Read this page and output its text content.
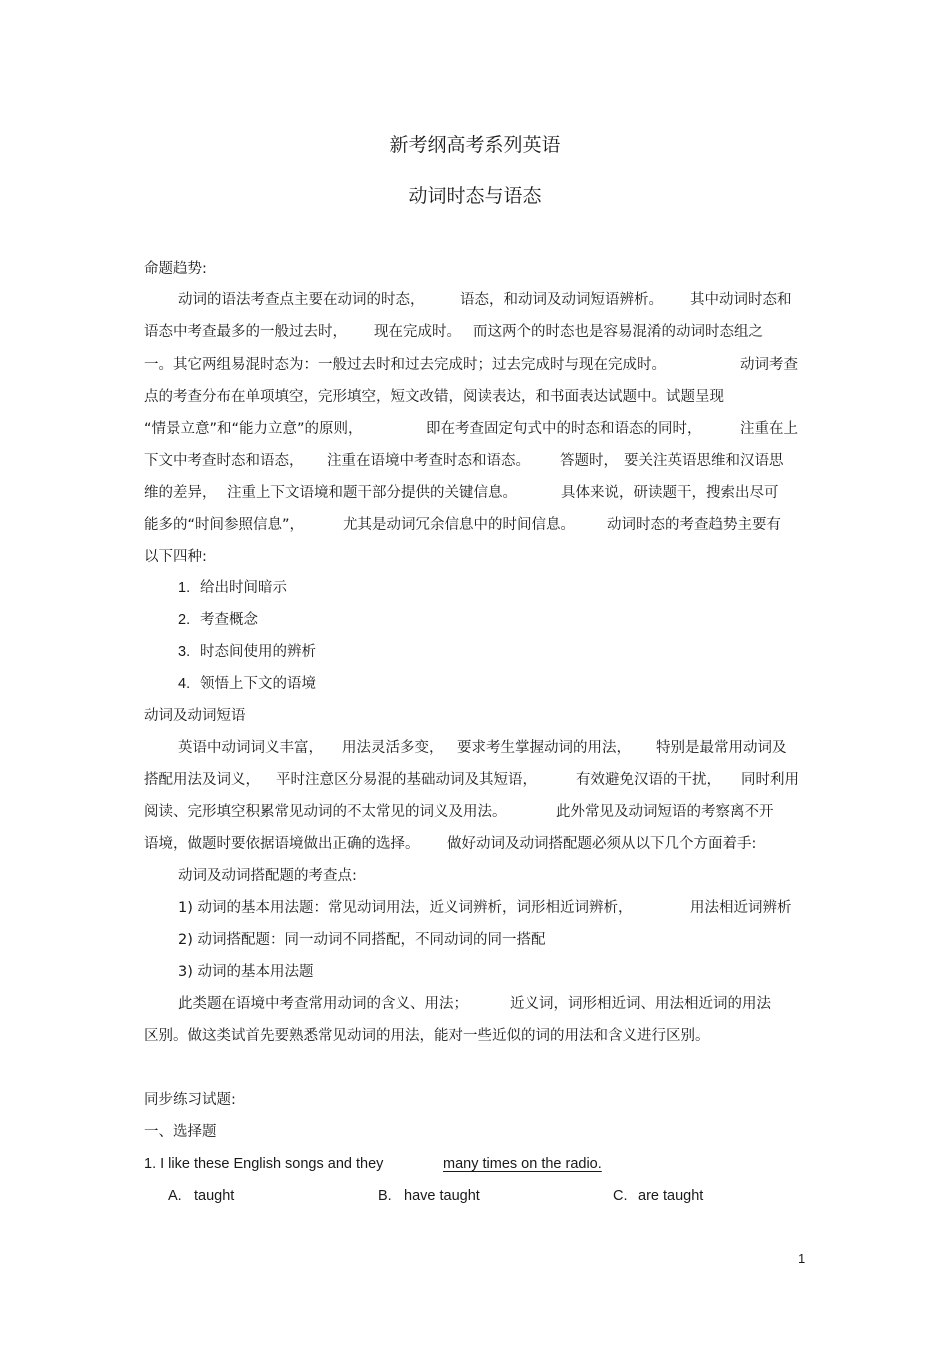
新考纲高考系列英语
动词时态与语态
命题趋势:
动词的语法考查点主要在动词的时态， 语态，和动词及动词短语辨析。 其中动词时态和
语态中考查最多的一般过去时， 现在完成时。 而这两个的时态也是容易混淆的动词时态组之
一。其它两组易混时态为：一般过去时和过去完成时；过去完成时与现在完成时。	动词考查
点的考查分布在单项填空，完形填空，短文改错，阅读表达，和书面表达试题中。试题呈现
“情景立意”和“能力立意”的原则，	即在考查固定句式中的时态和语态的同时，	注重在上
下文中考查时态和语态， 注重在语境中考查时态和语态。 答题时， 要关注英语思维和汉语思
维的差异， 注重上下文语境和题干部分提供的关键信息。	具体来说，研读题干，搜索出尽可
能多的“时间参照信息”，	尤其是动词冗余信息中的时间信息。 动词时态的考查趋势主要有
以下四种:
1. 给出时间暗示
2. 考查概念
3. 时态间使用的辨析
4. 领悟上下文的语境
动词及动词短语
英语中动词词义丰富， 用法灵活多变， 要求考生掌握动词的用法， 特别是最常用动词及
搭配用法及词义， 平时注意区分易混的基础动词及其短语，	有效避免汉语的干扰， 同时利用
阅读、完形填空积累常见动词的不太常见的词义及用法。	此外常见及动词短语的考察离不开
语境，做题时要依据语境做出正确的选择。 做好动词及动词搭配题必须从以下几个方面着手:
动词及动词搭配题的考查点:
1) 动词的基本用法题：常见动词用法，近义词辨析，词形相近词辨析，	用法相近词辨析
2) 动词搭配题：同一动词不同搭配，不同动词的同一搭配
3) 动词的基本用法题
此类题在语境中考查常用动词的含义、用法；	近义词，词形相近词、用法相近词的用法
区别。做这类试首先要熟悉常见动词的用法，能对一些近似的词的用法和含义进行区别。
同步练习试题:
一、选择题
1. I like these English songs and they	many times on the radio.
A. taught	B. have taught	C. are taught
1
